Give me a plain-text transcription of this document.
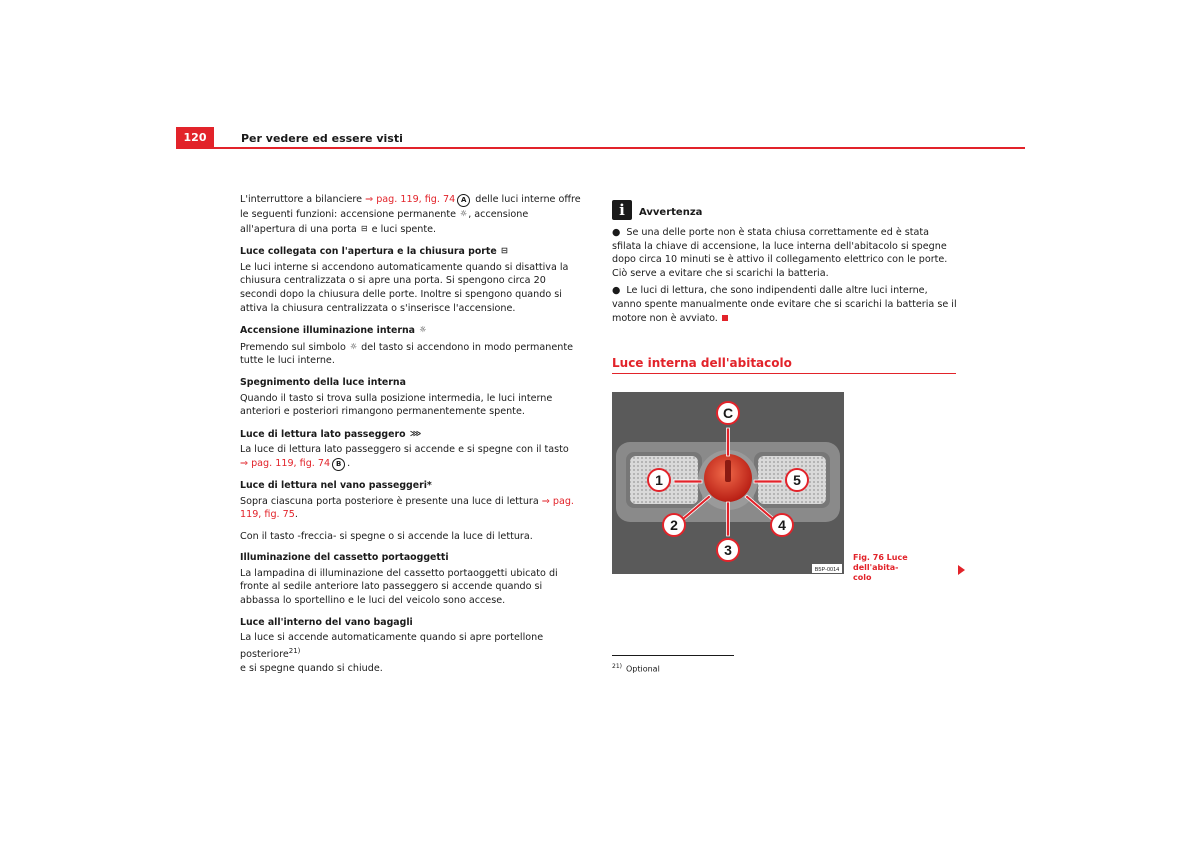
120	Per vedere ed essere visti

L'interruttore a bilanciere ⇒ pag. 119, fig. 74 A delle luci interne offre le seguenti funzioni: accensione permanente ☼, accensione all'apertura di una porta ⊟ e luci spente.

Luce collegata con l'apertura e la chiusura porte ⊟

Le luci interne si accendono automaticamente quando si disattiva la chiusura centralizzata o si apre una porta. Si spengono circa 20 secondi dopo la chiusura delle porte. Inoltre si spengono quando si attiva la chiusura centralizzata o s'inserisce l'accensione.

Accensione illuminazione interna ☼

Premendo sul simbolo ☼ del tasto si accendono in modo permanente tutte le luci interne.

Spegnimento della luce interna

Quando il tasto si trova sulla posizione intermedia, le luci interne anteriori e posteriori rimangono permanentemente spente.

Luce di lettura lato passeggero ⋙

La luce di lettura lato passeggero si accende e si spegne con il tasto
⇒ pag. 119, fig. 74 B .

Luce di lettura nel vano passeggeri*

Sopra ciascuna porta posteriore è presente una luce di lettura ⇒ pag. 119, fig. 75.

Con il tasto -freccia- si spegne o si accende la luce di lettura.

Illuminazione del cassetto portaoggetti

La lampadina di illuminazione del cassetto portaoggetti ubicato di fronte al sedile anteriore lato passeggero si accende quando si abbassa lo sportellino e le luci del veicolo sono accese.

Luce all'interno del vano bagagli

La luce si accende automaticamente quando si apre portellone posteriore$^{21)}$
e si spegne quando si chiude.

i	Avvertenza

● Se una delle porte non è stata chiusa correttamente ed è stata sfilata la chiave di accensione, la luce interna dell'abitacolo si spegne dopo circa 10 minuti se è attivo il collegamento elettrico con le porte. Ciò serve a evitare che si scarichi la batteria.

● Le luci di lettura, che sono indipendenti dalle altre luci interne, vanno spente manualmente onde evitare che si scarichi la batteria se il motore non è avviato.

Luce interna dell'abitacolo
1
2
3
4
5
C
B5P-0014
Fig. 76 Luce dell'abita-
colo
$^{21)}$ Optional
